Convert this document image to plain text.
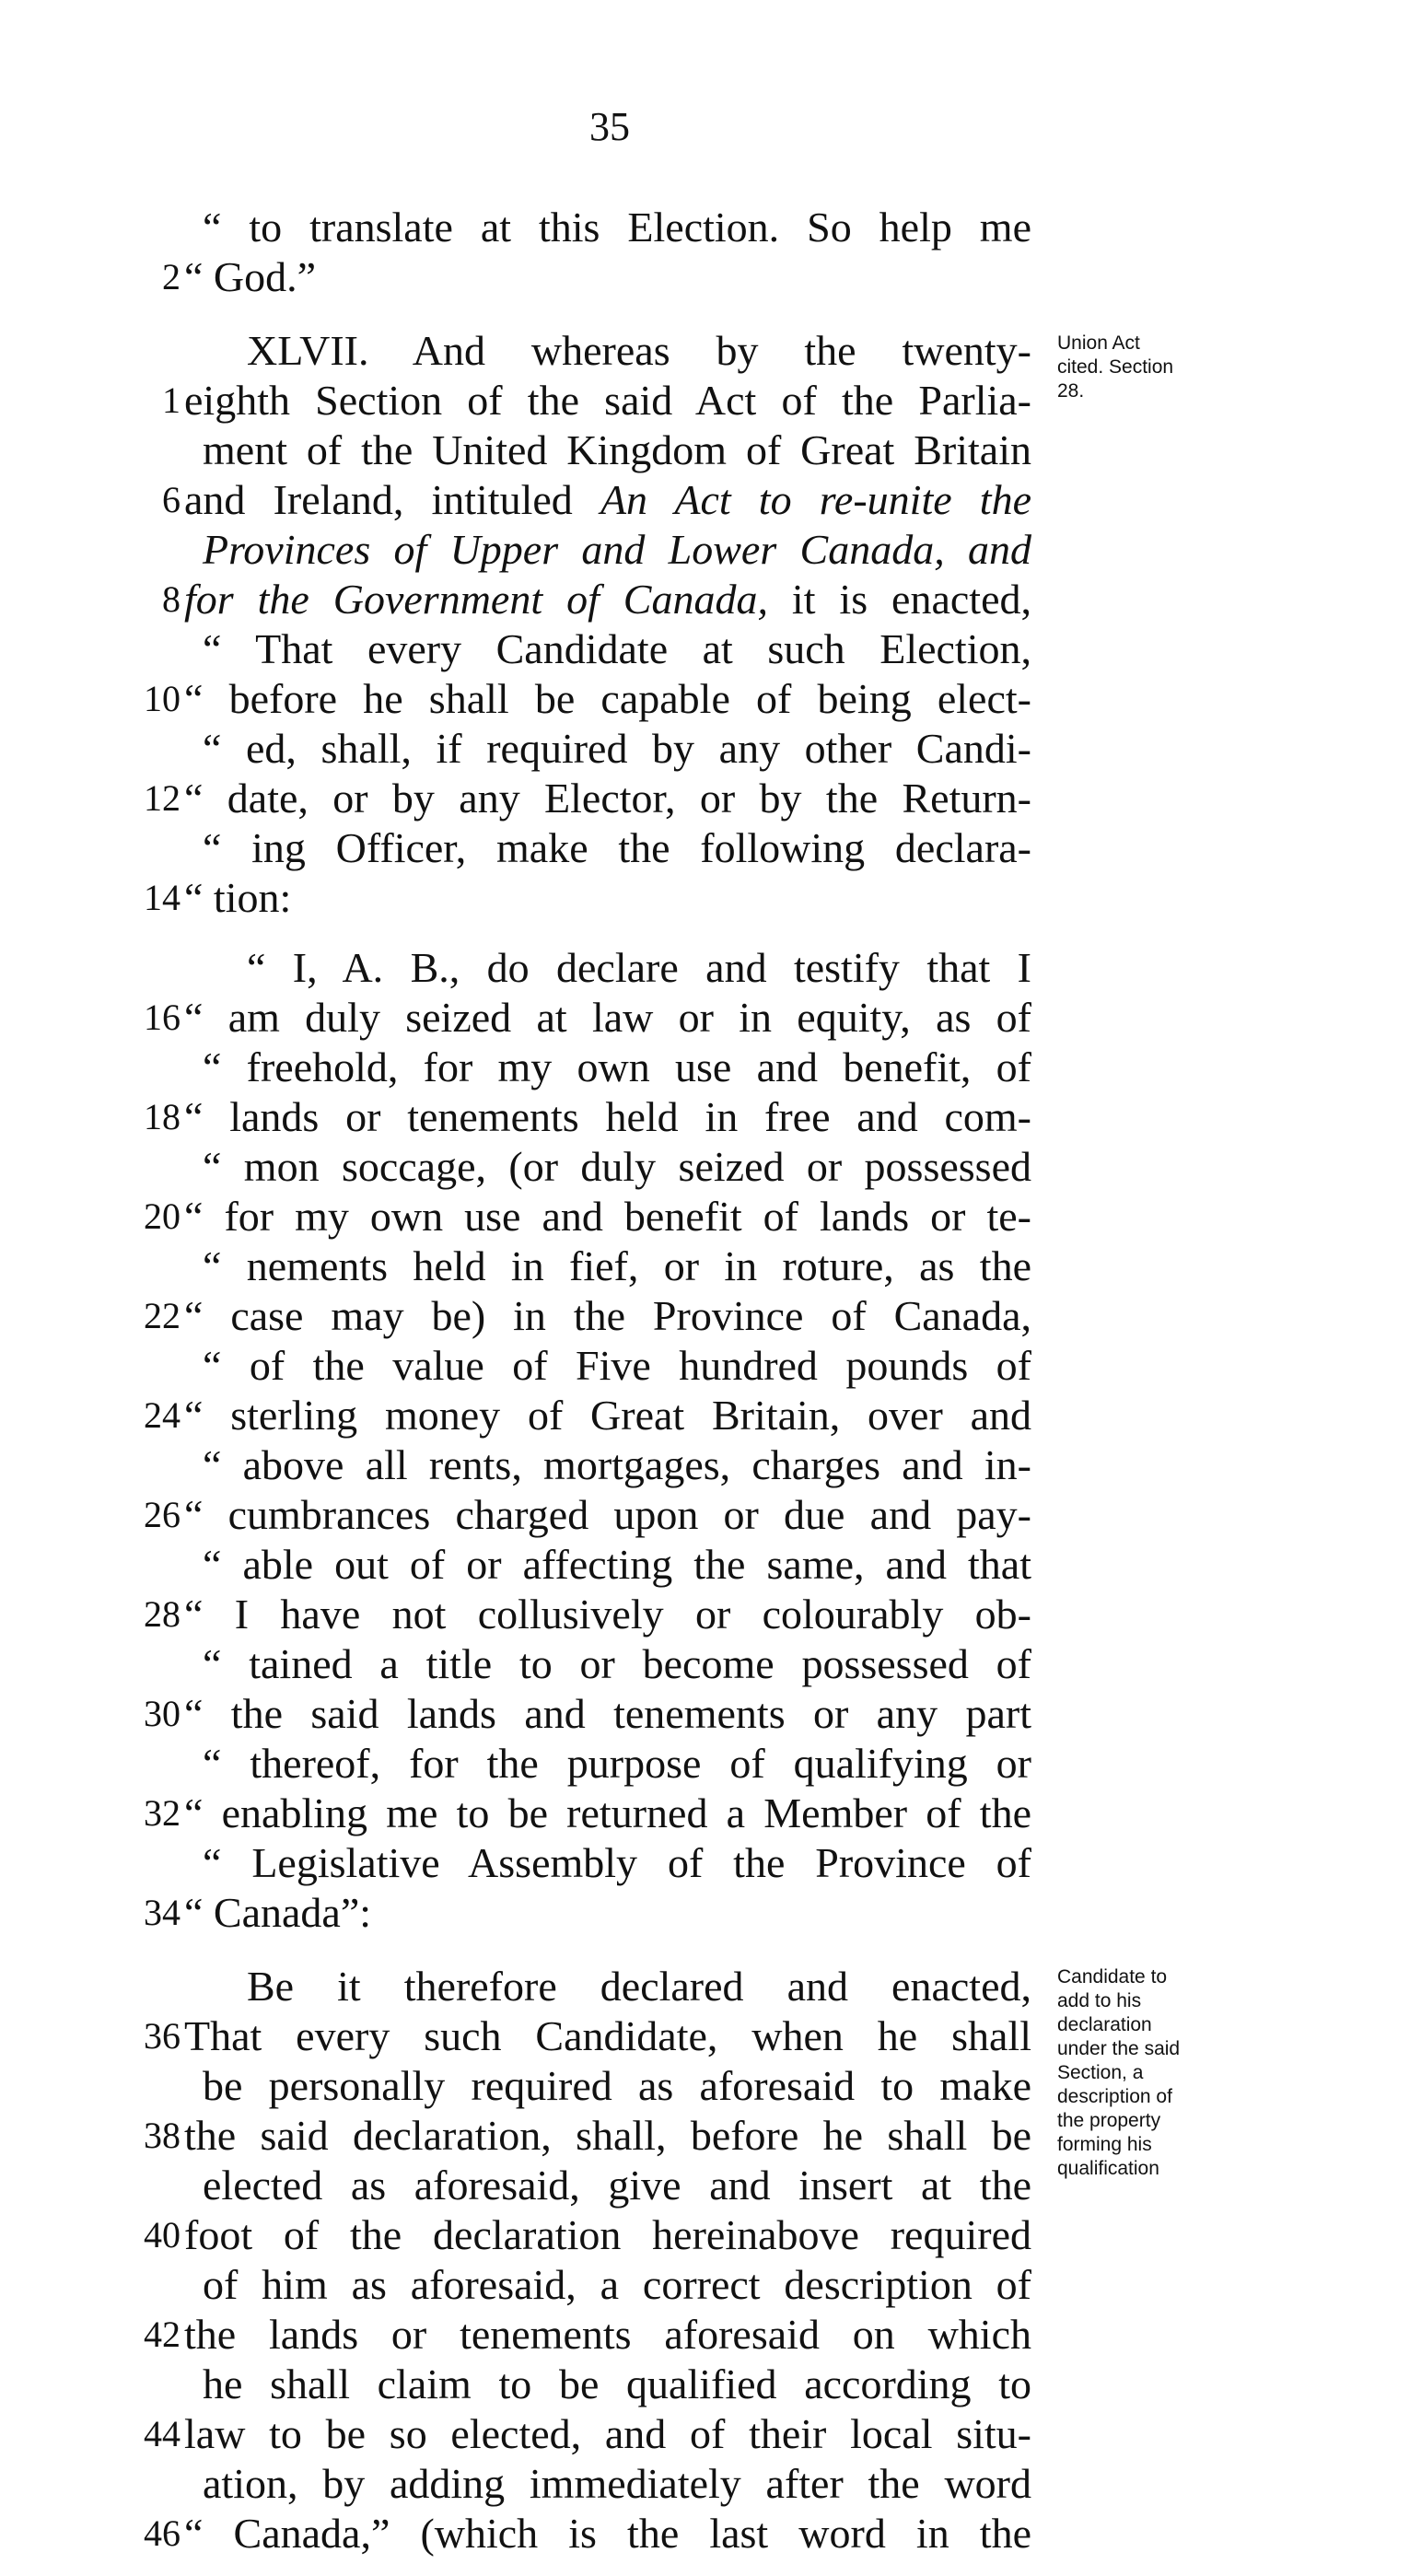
35
“ to translate at this Election. So help me
2 “ God.”
XLVII. And whereas by the twenty-
1 eighth Section of the said Act of the Parlia-
ment of the United Kingdom of Great Britain
6 and Ireland, intituled An Act to re-unite the
Provinces of Upper and Lower Canada, and
8 for the Government of Canada, it is enacted,
“ That every Candidate at such Election,
10 “ before he shall be capable of being elect-
“ ed, shall, if required by any other Candi-
12 “ date, or by any Elector, or by the Return-
“ ing Officer, make the following declara-
14 “ tion:
“ I, A. B., do declare and testify that I
16 “ am duly seized at law or in equity, as of
“ freehold, for my own use and benefit, of
18 “ lands or tenements held in free and com-
“ mon soccage, (or duly seized or possessed
20 “ for my own use and benefit of lands or te-
“ nements held in fief, or in roture, as the
22 “ case may be) in the Province of Canada,
“ of the value of Five hundred pounds of
24 “ sterling money of Great Britain, over and
“ above all rents, mortgages, charges and in-
26 “ cumbrances charged upon or due and pay-
“ able out of or affecting the same, and that
28 “ I have not collusively or colourably ob-
“ tained a title to or become possessed of
30 “ the said lands and tenements or any part
“ thereof, for the purpose of qualifying or
32 “ enabling me to be returned a Member of the
“ Legislative Assembly of the Province of
34 “ Canada”:
Be it therefore declared and enacted,
36 That every such Candidate, when he shall
be personally required as aforesaid to make
38 the said declaration, shall, before he shall be
elected as aforesaid, give and insert at the
40 foot of the declaration hereinabove required
of him as aforesaid, a correct description of
42 the lands or tenements aforesaid on which
he shall claim to be qualified according to
44 law to be so elected, and of their local situ-
ation, by adding immediately after the word
46 “ Canada,” (which is the last word in the
Union Act
cited. Section
28.
Candidate to
add to his
declaration
under the said
Section, a
description of
the property
forming his
qualification
